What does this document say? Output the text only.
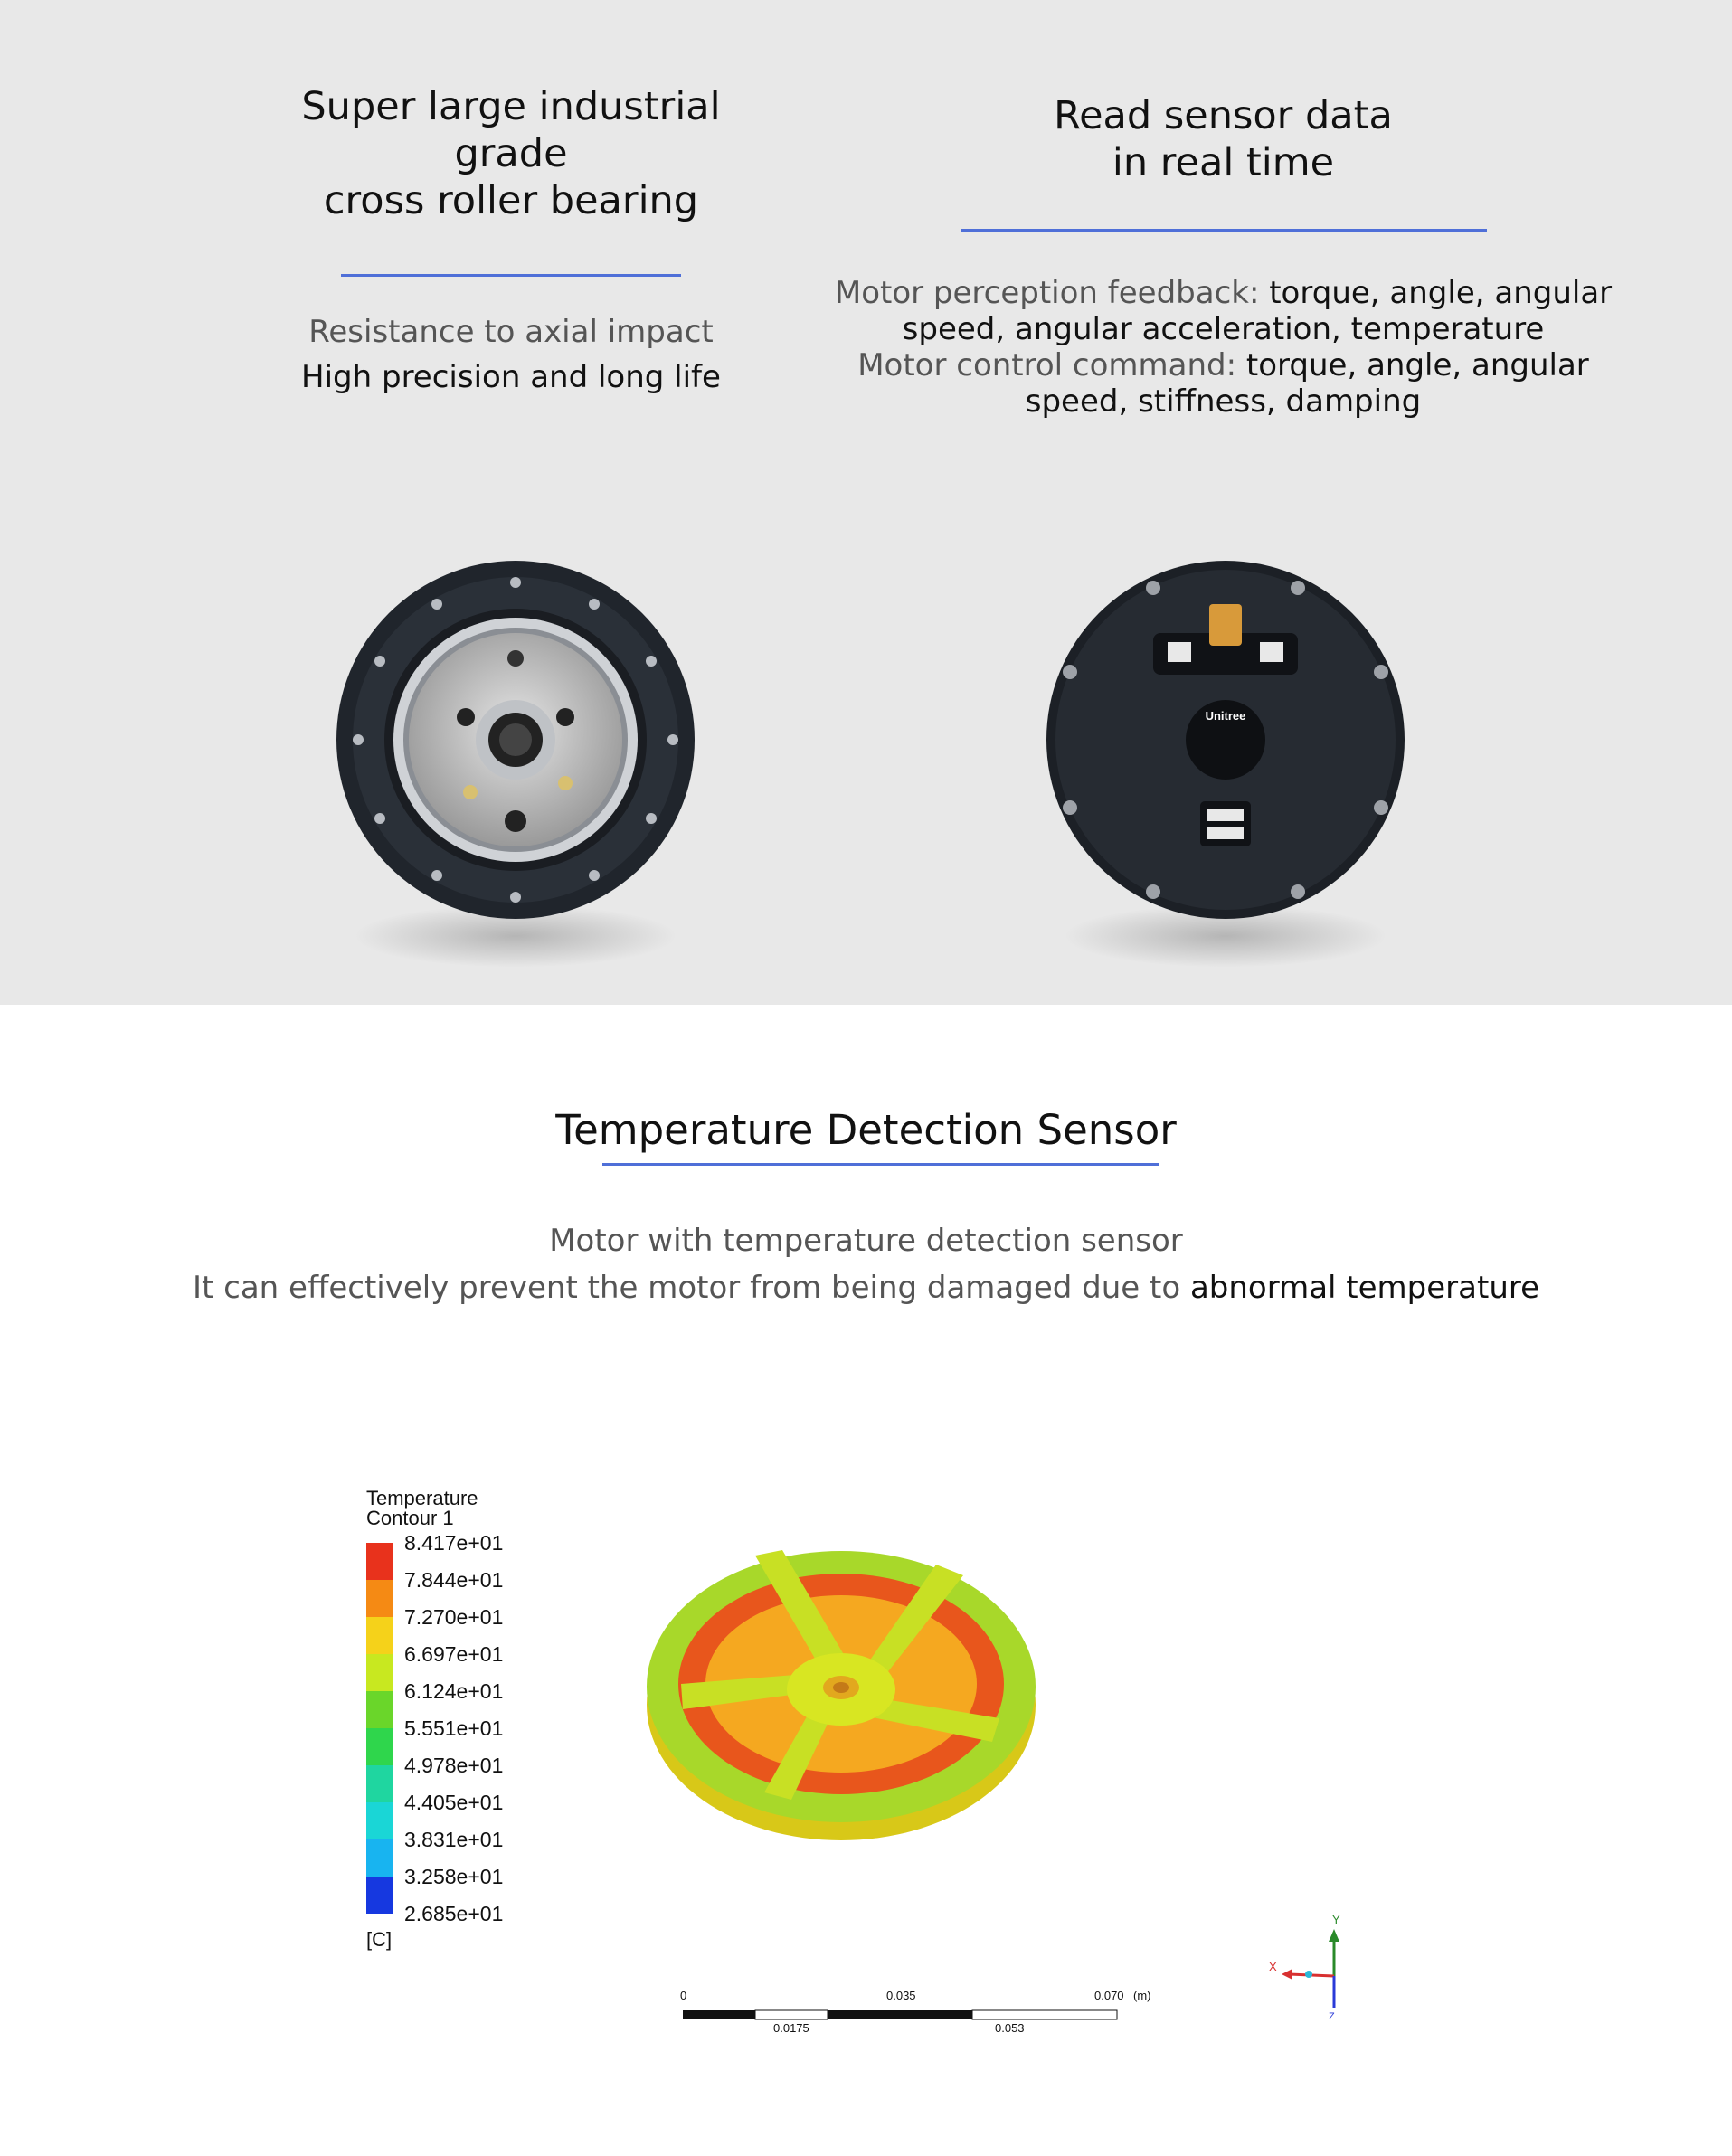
Super large industrial grade
cross roller bearing
Resistance to axial impact
High precision and long life
Read sensor data
in real time
Motor perception feedback: torque, angle, angular
speed, angular acceleration, temperature
Motor control command: torque, angle, angular
speed, stiffness, damping
Unitree
Temperature Detection Sensor
Motor with temperature detection sensor
It can effectively prevent the motor from being damaged due to abnormal temperature
Temperature
Contour 1
8.417e+01
7.844e+01
7.270e+01
6.697e+01
6.124e+01
5.551e+01
4.978e+01
4.405e+01
3.831e+01
3.258e+01
2.685e+01
[C]
0	0.035	0.070 (m)
0.0175	0.053
Y
X
Z
